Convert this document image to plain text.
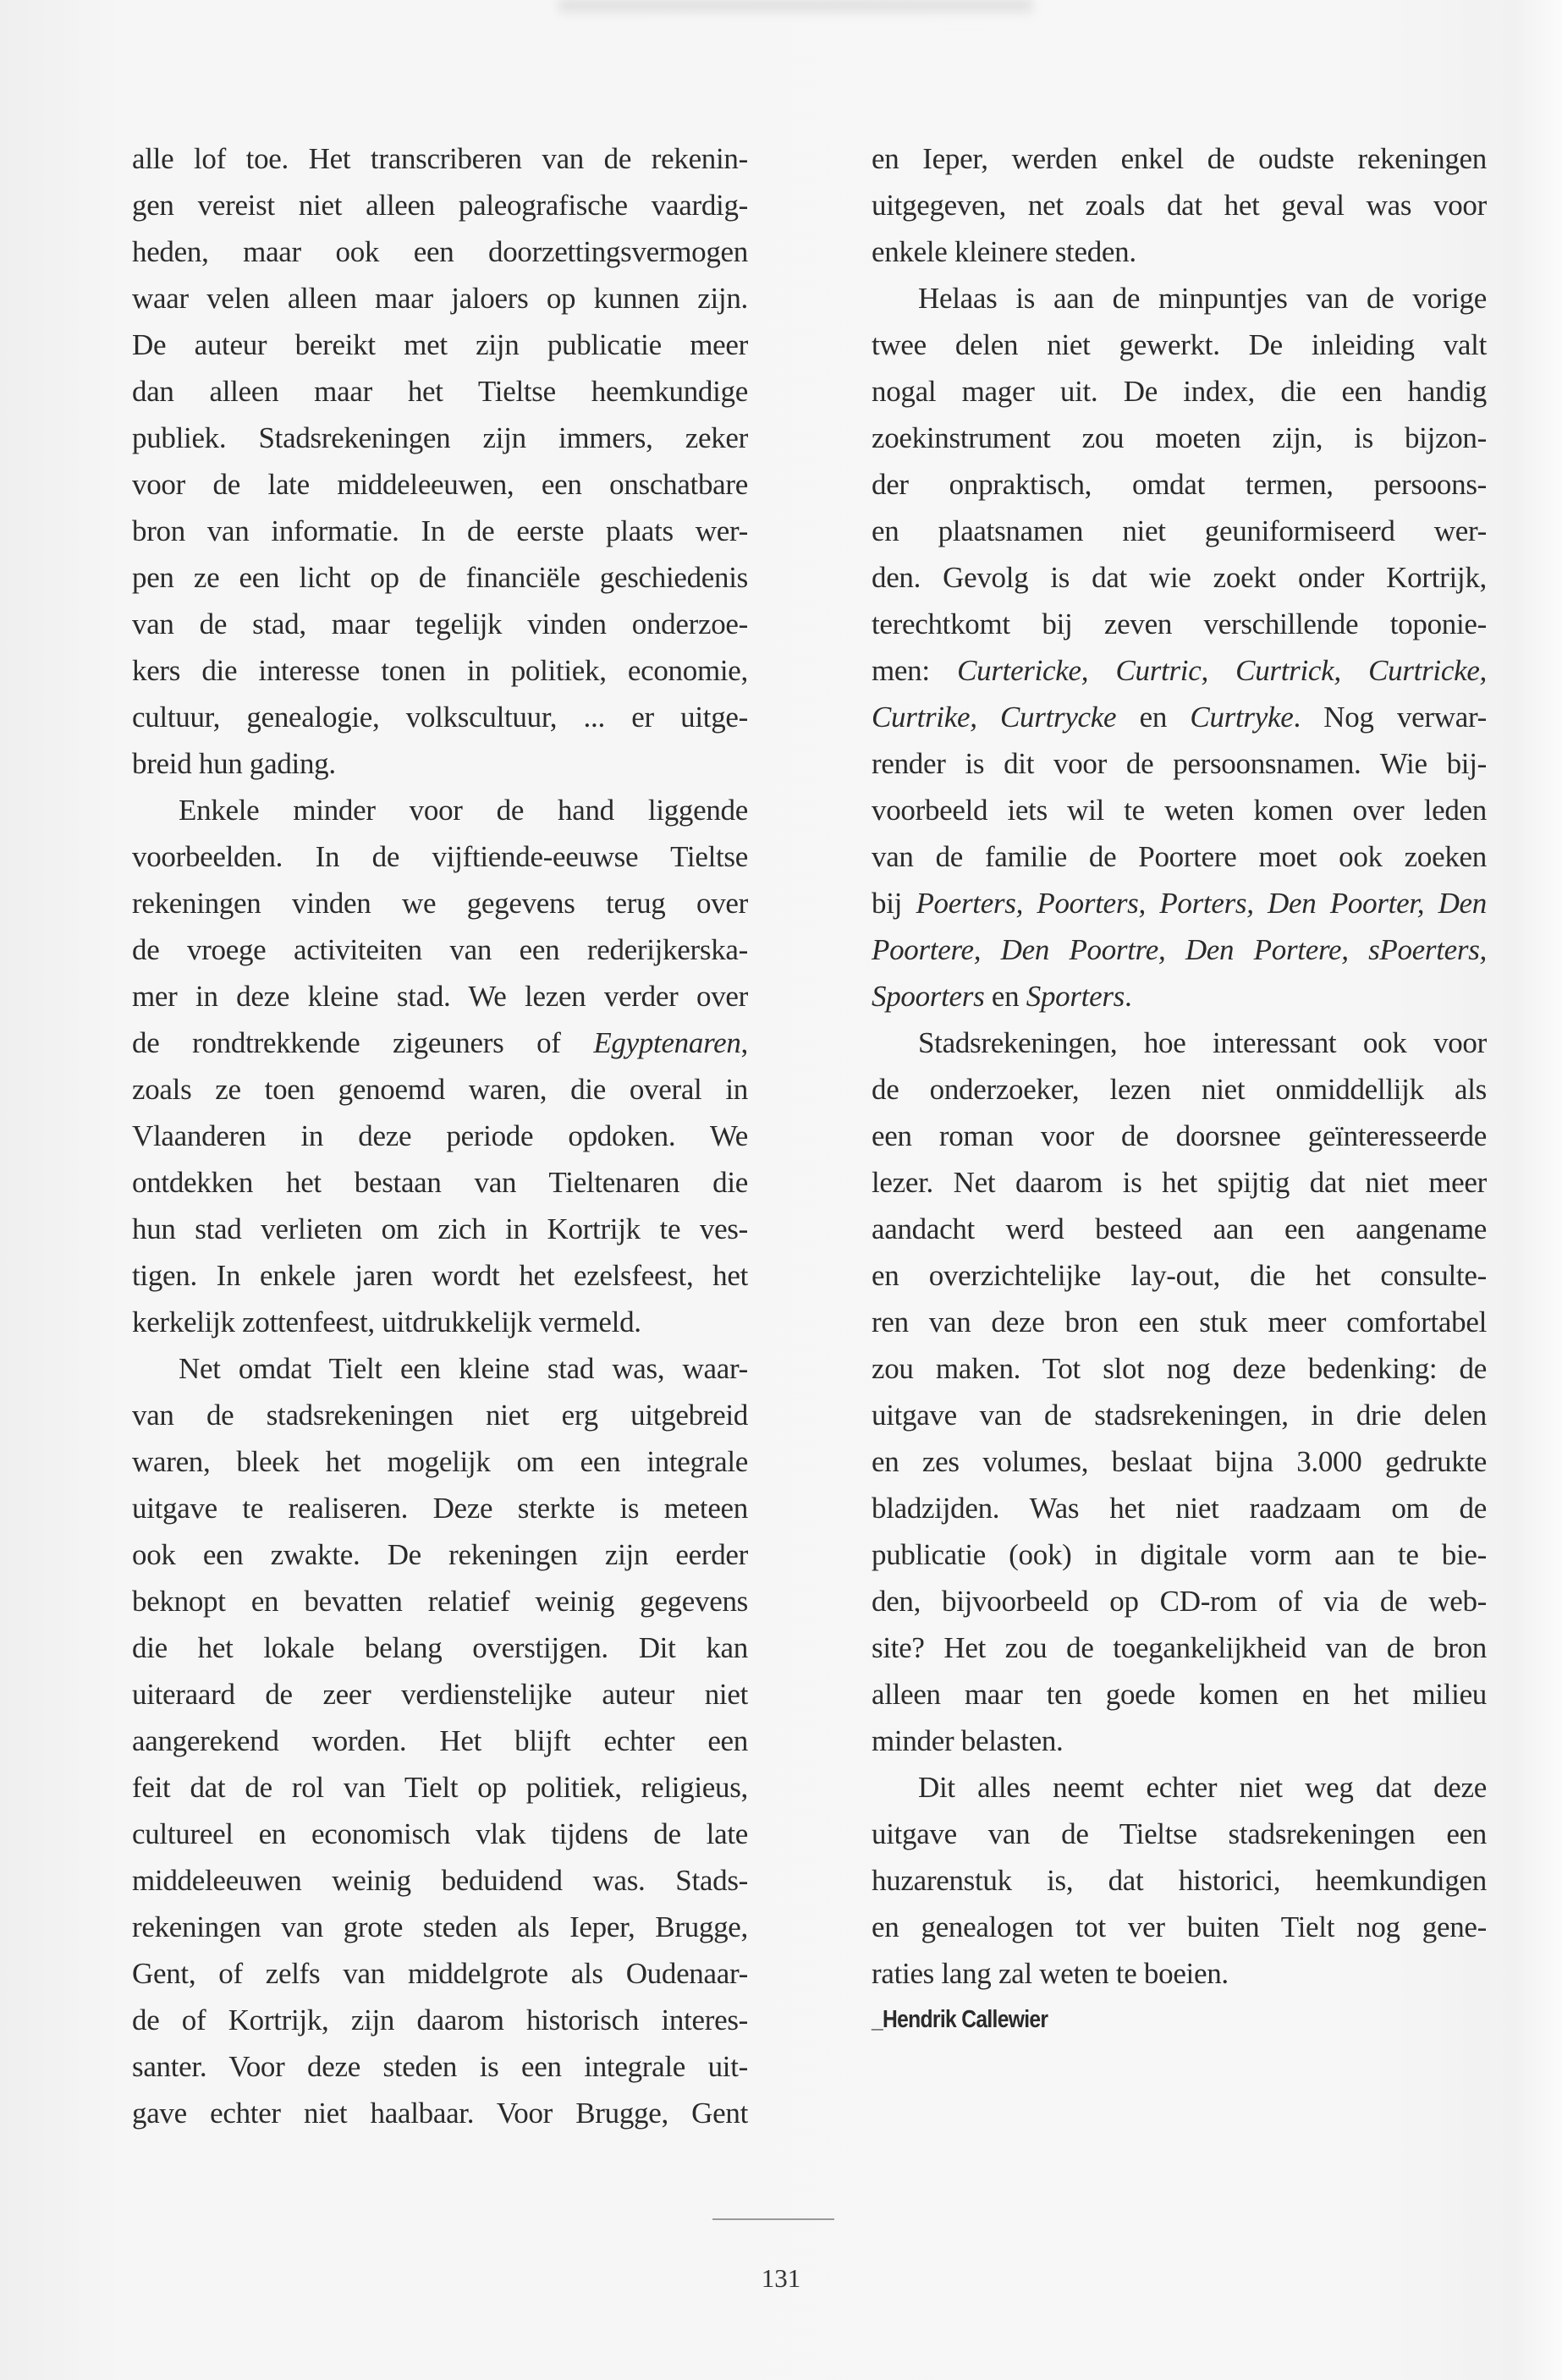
alle lof toe. Het transcriberen van de rekenin-
gen vereist niet alleen paleografische vaardig-
heden, maar ook een doorzettingsvermogen
waar velen alleen maar jaloers op kunnen zijn.
De auteur bereikt met zijn publicatie meer
dan alleen maar het Tieltse heemkundige
publiek. Stadsrekeningen zijn immers, zeker
voor de late middeleeuwen, een onschatbare
bron van informatie. In de eerste plaats wer-
pen ze een licht op de financiële geschiedenis
van de stad, maar tegelijk vinden onderzoe-
kers die interesse tonen in politiek, economie,
cultuur, genealogie, volkscultuur, ... er uitge-
breid hun gading.
Enkele minder voor de hand liggende
voorbeelden. In de vijftiende-eeuwse Tieltse
rekeningen vinden we gegevens terug over
de vroege activiteiten van een rederijkerska-
mer in deze kleine stad. We lezen verder over
de rondtrekkende zigeuners of Egyptenaren,
zoals ze toen genoemd waren, die overal in
Vlaanderen in deze periode opdoken. We
ontdekken het bestaan van Tieltenaren die
hun stad verlieten om zich in Kortrijk te ves-
tigen. In enkele jaren wordt het ezelsfeest, het
kerkelijk zottenfeest, uitdrukkelijk vermeld.
Net omdat Tielt een kleine stad was, waar-
van de stadsrekeningen niet erg uitgebreid
waren, bleek het mogelijk om een integrale
uitgave te realiseren. Deze sterkte is meteen
ook een zwakte. De rekeningen zijn eerder
beknopt en bevatten relatief weinig gegevens
die het lokale belang overstijgen. Dit kan
uiteraard de zeer verdienstelijke auteur niet
aangerekend worden. Het blijft echter een
feit dat de rol van Tielt op politiek, religieus,
cultureel en economisch vlak tijdens de late
middeleeuwen weinig beduidend was. Stads-
rekeningen van grote steden als Ieper, Brugge,
Gent, of zelfs van middelgrote als Oudenaar-
de of Kortrijk, zijn daarom historisch interes-
santer. Voor deze steden is een integrale uit-
gave echter niet haalbaar. Voor Brugge, Gent
en Ieper, werden enkel de oudste rekeningen
uitgegeven, net zoals dat het geval was voor
enkele kleinere steden.
Helaas is aan de minpuntjes van de vorige
twee delen niet gewerkt. De inleiding valt
nogal mager uit. De index, die een handig
zoekinstrument zou moeten zijn, is bijzon-
der onpraktisch, omdat termen, persoons-
en plaatsnamen niet geuniformiseerd wer-
den. Gevolg is dat wie zoekt onder Kortrijk,
terechtkomt bij zeven verschillende toponie-
men: Curtericke, Curtric, Curtrick, Curtricke,
Curtrike, Curtrycke en Curtryke. Nog verwar-
render is dit voor de persoonsnamen. Wie bij-
voorbeeld iets wil te weten komen over leden
van de familie de Poortere moet ook zoeken
bij Poerters, Poorters, Porters, Den Poorter, Den
Poortere, Den Poortre, Den Portere, sPoerters,
Spoorters en Sporters.
Stadsrekeningen, hoe interessant ook voor
de onderzoeker, lezen niet onmiddellijk als
een roman voor de doorsnee geïnteresseerde
lezer. Net daarom is het spijtig dat niet meer
aandacht werd besteed aan een aangename
en overzichtelijke lay-out, die het consulte-
ren van deze bron een stuk meer comfortabel
zou maken. Tot slot nog deze bedenking: de
uitgave van de stadsrekeningen, in drie delen
en zes volumes, beslaat bijna 3.000 gedrukte
bladzijden. Was het niet raadzaam om de
publicatie (ook) in digitale vorm aan te bie-
den, bijvoorbeeld op CD-rom of via de web-
site? Het zou de toegankelijkheid van de bron
alleen maar ten goede komen en het milieu
minder belasten.
Dit alles neemt echter niet weg dat deze
uitgave van de Tieltse stadsrekeningen een
huzarenstuk is, dat historici, heemkundigen
en genealogen tot ver buiten Tielt nog gene-
raties lang zal weten te boeien.
_Hendrik Callewier
131
